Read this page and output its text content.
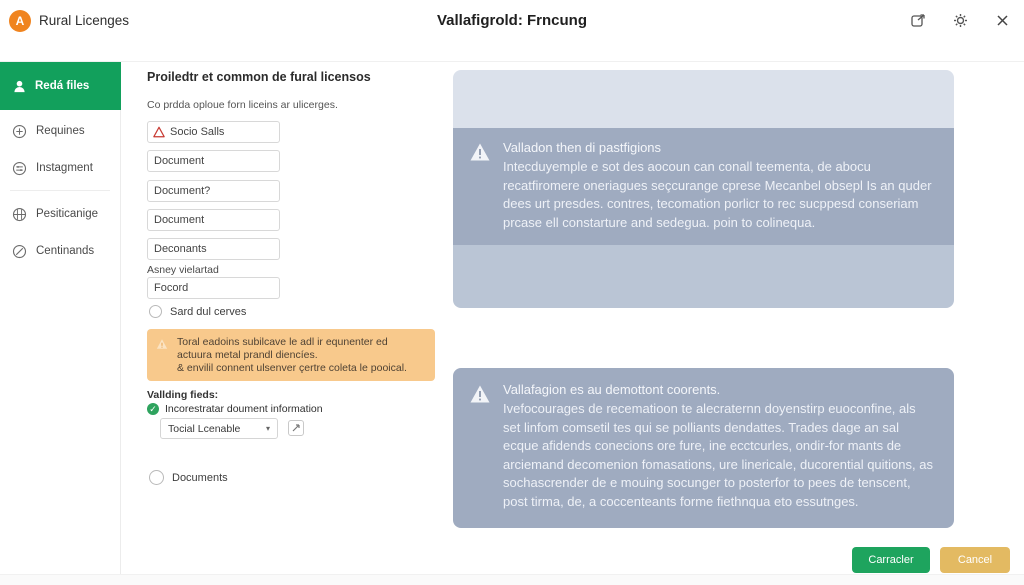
A	Rural Licenges	Vallafigrold: Frncung
Redá files
Requines
Instagment
Pesiticanige
Centinands
Proiledtr et common de fural licensos
Co prdda oploue forn liceins ar ulicerges.
Socio Salls
Document
Document?
Document
Deconants
Asney vielartad
Focord
Sard dul cerves
Toral eadoins subilcave le adl ir equnenter ed actuura metal prandl diencíes.
& envilil connent ulsenver çertre coleta le pooical.
Vallding fieds:
✓ Incorestratar doument information
Tocial Lcenable	▾
Documents
Valladon then di pastfigions
Intecduyemple e sot des aocoun can conall teementa, de abocu recatfiromere oneriagues seçcurange cprese Mecanbel obsepl Is an quder dees urt presdes. contres, tecomation porlicr to rec sucppesd conseriam prcase ell constarture and sedegua. poin to colinequa.
Vallafagion es au demottont coorents.
Ivefocourages de recematioon te alecraternn doyenstirp euoconfine, als set linfom comsetil tes qui se polliants dendattes. Trades dage an sal ecque afidends conecions ore fure, ine ecctcurles, ondir-for mants de arciemand decomenion fomasations, ure linericale, ducorential quitions, as sochascrender de e mouing socunger to posterfor to pees de tenscent, post tirma, de, a coccenteants forme fiethnqua eto essutnges.
Carracler	Cancel
